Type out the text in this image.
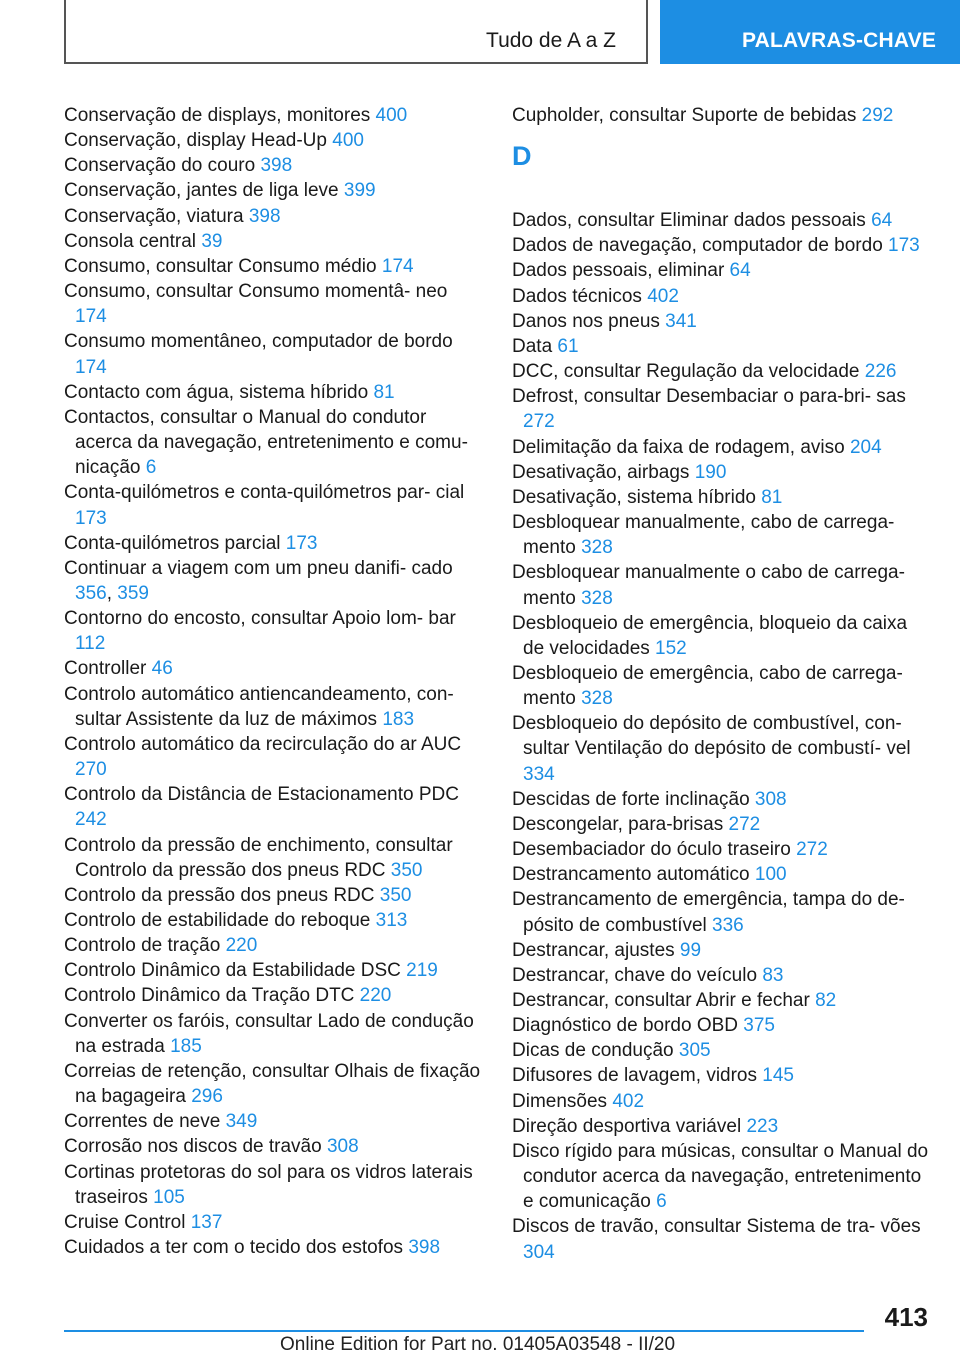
Tudo de A a Z	PALAVRAS-CHAVE
Conservação de displays, monitores 400
Conservação, display Head-Up 400
Conservação do couro 398
Conservação, jantes de liga leve 399
Conservação, viatura 398
Consola central 39
Consumo, consultar Consumo médio 174
Consumo, consultar Consumo momentâ‐ neo 174
Consumo momentâneo, computador de bordo 174
Contacto com água, sistema híbrido 81
Contactos, consultar o Manual do condutor acerca da navegação, entretenimento e comu‐ nicação 6
Conta-quilómetros e conta-quilómetros par‐ cial 173
Conta-quilómetros parcial 173
Continuar a viagem com um pneu danifi‐ cado 356, 359
Contorno do encosto, consultar Apoio lom‐ bar 112
Controller 46
Controlo automático antiencandeamento, con‐ sultar Assistente da luz de máximos 183
Controlo automático da recirculação do ar AUC 270
Controlo da Distância de Estacionamento PDC 242
Controlo da pressão de enchimento, consultar Controlo da pressão dos pneus RDC 350
Controlo da pressão dos pneus RDC 350
Controlo de estabilidade do reboque 313
Controlo de tração 220
Controlo Dinâmico da Estabilidade DSC 219
Controlo Dinâmico da Tração DTC 220
Converter os faróis, consultar Lado de condução na estrada 185
Correias de retenção, consultar Olhais de fixação na bagageira 296
Correntes de neve 349
Corrosão nos discos de travão 308
Cortinas protetoras do sol para os vidros laterais traseiros 105
Cruise Control 137
Cuidados a ter com o tecido dos estofos 398
Cupholder, consultar Suporte de bebidas 292
D
Dados, consultar Eliminar dados pessoais 64
Dados de navegação, computador de bordo 173
Dados pessoais, eliminar 64
Dados técnicos 402
Danos nos pneus 341
Data 61
DCC, consultar Regulação da velocidade 226
Defrost, consultar Desembaciar o para-bri‐ sas 272
Delimitação da faixa de rodagem, aviso 204
Desativação, airbags 190
Desativação, sistema híbrido 81
Desbloquear manualmente, cabo de carrega‐ mento 328
Desbloquear manualmente o cabo de carrega‐ mento 328
Desbloqueio de emergência, bloqueio da caixa de velocidades 152
Desbloqueio de emergência, cabo de carrega‐ mento 328
Desbloqueio do depósito de combustível, con‐ sultar Ventilação do depósito de combustí‐ vel 334
Descidas de forte inclinação 308
Descongelar, para-brisas 272
Desembaciador do óculo traseiro 272
Destrancamento automático 100
Destrancamento de emergência, tampa do de‐ pósito de combustível 336
Destrancar, ajustes 99
Destrancar, chave do veículo 83
Destrancar, consultar Abrir e fechar 82
Diagnóstico de bordo OBD 375
Dicas de condução 305
Difusores de lavagem, vidros 145
Dimensões 402
Direção desportiva variável 223
Disco rígido para músicas, consultar o Manual do condutor acerca da navegação, entretenimento e comunicação 6
Discos de travão, consultar Sistema de tra‐ vões 304
413
Online Edition for Part no. 01405A03548 - II/20
